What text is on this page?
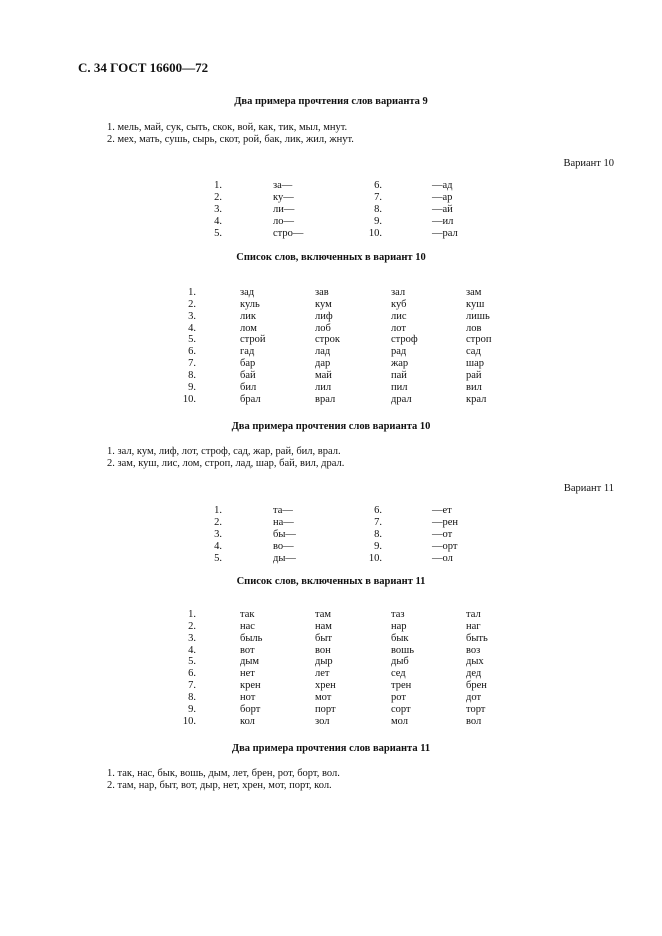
С. 34 ГОСТ 16600—72
Два примера прочтения слов варианта 9
1. мель, май, сук, сыть, скок, вой, как, тик, мыл, мнут.
2. мех, мать, сушь, сырь, скот, рой, бак, лик, жил, жнут.
Вариант 10
1.	за—	6.	—ад
2.	ку—	7.	—ар
3.	ли—	8.	—ай
4.	ло—	9.	—ил
5.	стро—	10.	—рал
Список слов, включенных в вариант 10
1.	зад	зав	зал	зам
2.	куль	кум	куб	куш
3.	лик	лиф	лис	лишь
4.	лом	лоб	лот	лов
5.	строй	строк	строф	строп
6.	гад	лад	рад	сад
7.	бар	дар	жар	шар
8.	бай	май	пай	рай
9.	бил	лил	пил	вил
10.	брал	врал	драл	крал
Два примера прочтения слов варианта 10
1. зал, кум, лиф, лот, строф, сад, жар, рай, бил, врал.
2. зам, куш, лис, лом, строп, лад, шар, бай, вил, драл.
Вариант 11
1.	та—	6.	—ет
2.	на—	7.	—рен
3.	бы—	8.	—от
4.	во—	9.	—орт
5.	ды—	10.	—ол
Список слов, включенных в вариант 11
1.	так	там	таз	тал
2.	нас	нам	нар	наг
3.	быль	быт	бык	быть
4.	вот	вон	вошь	воз
5.	дым	дыр	дыб	дых
6.	нет	лет	сед	дед
7.	крен	хрен	трен	брен
8.	нот	мот	рот	дот
9.	борт	порт	сорт	торт
10.	кол	зол	мол	вол
Два примера прочтения слов варианта 11
1. так, нас, бык, вошь, дым, лет, брен, рот, борт, вол.
2. там, нар, быт, вот, дыр, нет, хрен, мот, порт, кол.
